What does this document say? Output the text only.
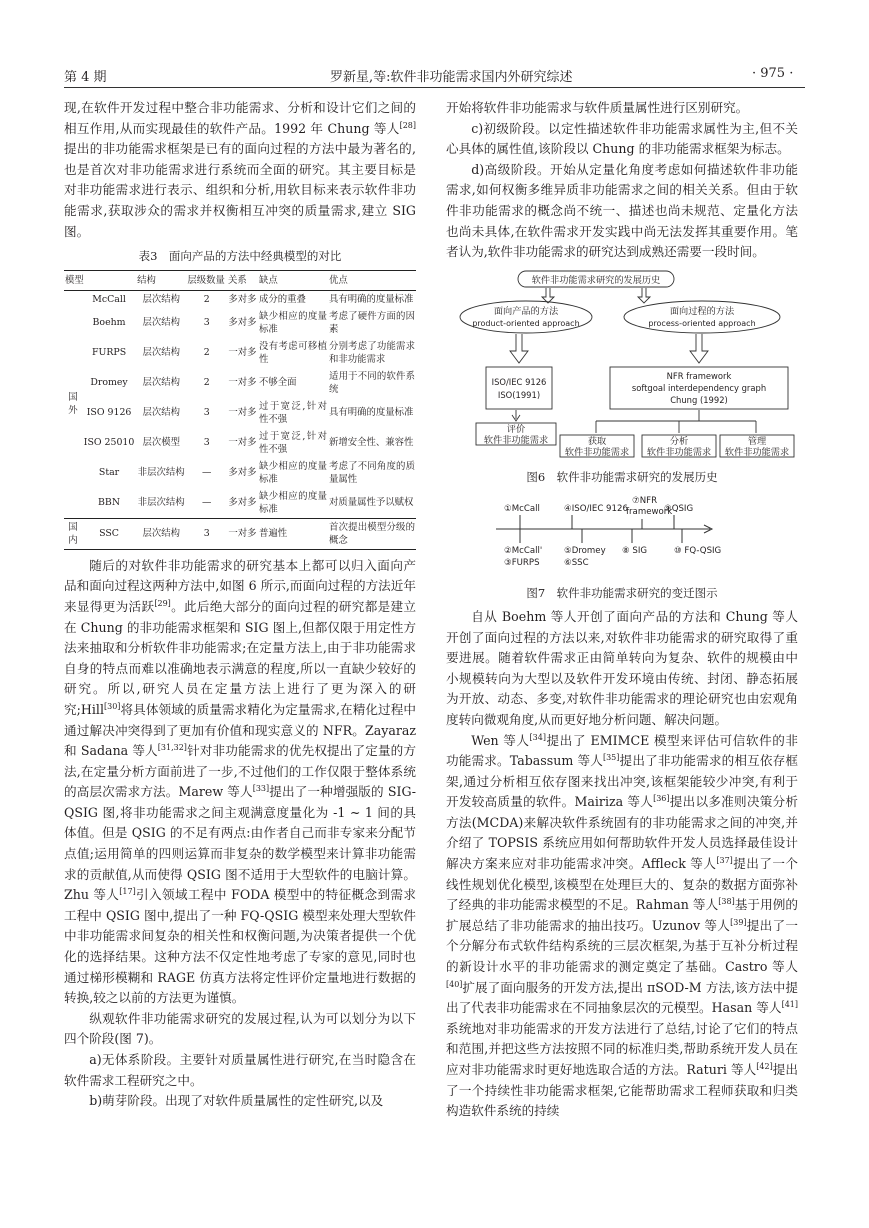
第 4 期	罗新星,等:软件非功能需求国内外研究综述	· 975 ·

现,在软件开发过程中整合非功能需求、分析和设计它们之间的相互作用,从而实现最佳的软件产品。1992 年 Chung 等人[28]提出的非功能需求框架是已有的面向过程的方法中最为著名的,也是首次对非功能需求进行系统而全面的研究。其主要目标是对非功能需求进行表示、组织和分析,用软目标来表示软件非功能需求,获取涉众的需求并权衡相互冲突的质量需求,建立 SIG 图。

表3　面向产品的方法中经典模型的对比
模型		结构	层级数量	关系	缺点	优点
国外	McCall	层次结构	2	多对多	成分的重叠	具有明确的度量标准
	Boehm	层次结构	3	多对多	缺少相应的度量标准	考虑了硬件方面的因素
	FURPS	层次结构	2	一对多	没有考虑可移植性	分别考虑了功能需求和非功能需求
	Dromey	层次结构	2	一对多	不够全面	适用于不同的软件系统
	ISO 9126	层次结构	3	一对多	过于宽泛,针对性不强	具有明确的度量标准
	ISO 25010	层次模型	3	一对多	过于宽泛,针对性不强	新增安全性、兼容性
	Star	非层次结构	—	多对多	缺少相应的度量标准	考虑了不同角度的质量属性
	BBN	非层次结构	—	多对多	缺少相应的度量标准	对质量属性予以赋权
国内	SSC	层次结构	3	一对多	普遍性	首次提出模型分级的概念

随后的对软件非功能需求的研究基本上都可以归入面向产品和面向过程这两种方法中,如图 6 所示,而面向过程的方法近年来显得更为活跃[29]。此后绝大部分的面向过程的研究都是建立在 Chung 的非功能需求框架和 SIG 图上,但都仅限于用定性方法来抽取和分析软件非功能需求;在定量方法上,由于非功能需求自身的特点而难以准确地表示满意的程度,所以一直缺少较好的研究。所以,研究人员在定量方法上进行了更为深入的研究;Hill[30]将具体领域的质量需求精化为定量需求,在精化过程中通过解决冲突得到了更加有价值和现实意义的 NFR。Zayaraz 和 Sadana 等人[31,32]针对非功能需求的优先权提出了定量的方法,在定量分析方面前进了一步,不过他们的工作仅限于整体系统的高层次需求方法。Marew 等人[33]提出了一种增强版的 SIG-QSIG 图,将非功能需求之间主观满意度量化为 -1 ~ 1 间的具体值。但是 QSIG 的不足有两点:由作者自己而非专家来分配节点值;运用简单的四则运算而非复杂的数学模型来计算非功能需求的贡献值,从而使得 QSIG 图不适用于大型软件的电脑计算。Zhu 等人[17]引入领域工程中 FODA 模型中的特征概念到需求工程中 QSIG 图中,提出了一种 FQ-QSIG 模型来处理大型软件中非功能需求间复杂的相关性和权衡问题,为决策者提供一个优化的选择结果。这种方法不仅定性地考虑了专家的意见,同时也通过梯形模糊和 RAGE 仿真方法将定性评价定量地进行数据的转换,较之以前的方法更为谨慎。

纵观软件非功能需求研究的发展过程,认为可以划分为以下四个阶段(图 7)。

a)无体系阶段。主要针对质量属性进行研究,在当时隐含在软件需求工程研究之中。

b)萌芽阶段。出现了对软件质量属性的定性研究,以及

开始将软件非功能需求与软件质量属性进行区别研究。

c)初级阶段。以定性描述软件非功能需求属性为主,但不关心具体的属性值,该阶段以 Chung 的非功能需求框架为标志。

d)高级阶段。开始从定量化角度考虑如何描述软件非功能需求,如何权衡多维异质非功能需求之间的相关关系。但由于软件非功能需求的概念尚不统一、描述也尚未规范、定量化方法也尚未具体,在软件需求开发实践中尚无法发挥其重要作用。笔者认为,软件非功能需求的研究达到成熟还需要一段时间。

软件非功能需求研究的发展历史
面向产品的方法
product-oriented approach
面向过程的方法
process-oriented approach
ISO/IEC 9126
ISO(1991)
NFR framework
softgoal interdependency graph
Chung (1992)
评价
软件非功能需求	获取
软件非功能需求
分析
软件非功能需求
管理
软件非功能需求
图6　软件非功能需求研究的发展历史
①McCall	④ISO/IEC 9126
⑦NFR
framework
⑨QSIG
②McCall'
③FURPS
⑤Dromey
⑥SSC
⑧ SIG	⑩ FQ-QSIG
图7　软件非功能需求研究的变迁图示

自从 Boehm 等人开创了面向产品的方法和 Chung 等人开创了面向过程的方法以来,对软件非功能需求的研究取得了重要进展。随着软件需求正由简单转向为复杂、软件的规模由中小规模转向为大型以及软件开发环境由传统、封闭、静态拓展为开放、动态、多变,对软件非功能需求的理论研究也由宏观角度转向微观角度,从而更好地分析问题、解决问题。

Wen 等人[34]提出了 EMIMCE 模型来评估可信软件的非功能需求。Tabassum 等人[35]提出了非功能需求的相互依存框架,通过分析相互依存图来找出冲突,该框架能较少冲突,有利于开发较高质量的软件。Mairiza 等人[36]提出以多准则决策分析方法(MCDA)来解决软件系统固有的非功能需求之间的冲突,并介绍了 TOPSIS 系统应用如何帮助软件开发人员选择最佳设计解决方案来应对非功能需求冲突。Affleck 等人[37]提出了一个线性规划优化模型,该模型在处理巨大的、复杂的数据方面弥补了经典的非功能需求模型的不足。Rahman 等人[38]基于用例的扩展总结了非功能需求的抽出技巧。Uzunov 等人[39]提出了一个分解分布式软件结构系统的三层次框架,为基于互补分析过程的新设计水平的非功能需求的测定奠定了基础。Castro 等人[40]扩展了面向服务的开发方法,提出 πSOD-M 方法,该方法中提出了代表非功能需求在不同抽象层次的元模型。Hasan 等人[41]系统地对非功能需求的开发方法进行了总结,讨论了它们的特点和范围,并把这些方法按照不同的标准归类,帮助系统开发人员在应对非功能需求时更好地选取合适的方法。Raturi 等人[42]提出了一个持续性非功能需求框架,它能帮助需求工程师获取和归类构造软件系统的持续
